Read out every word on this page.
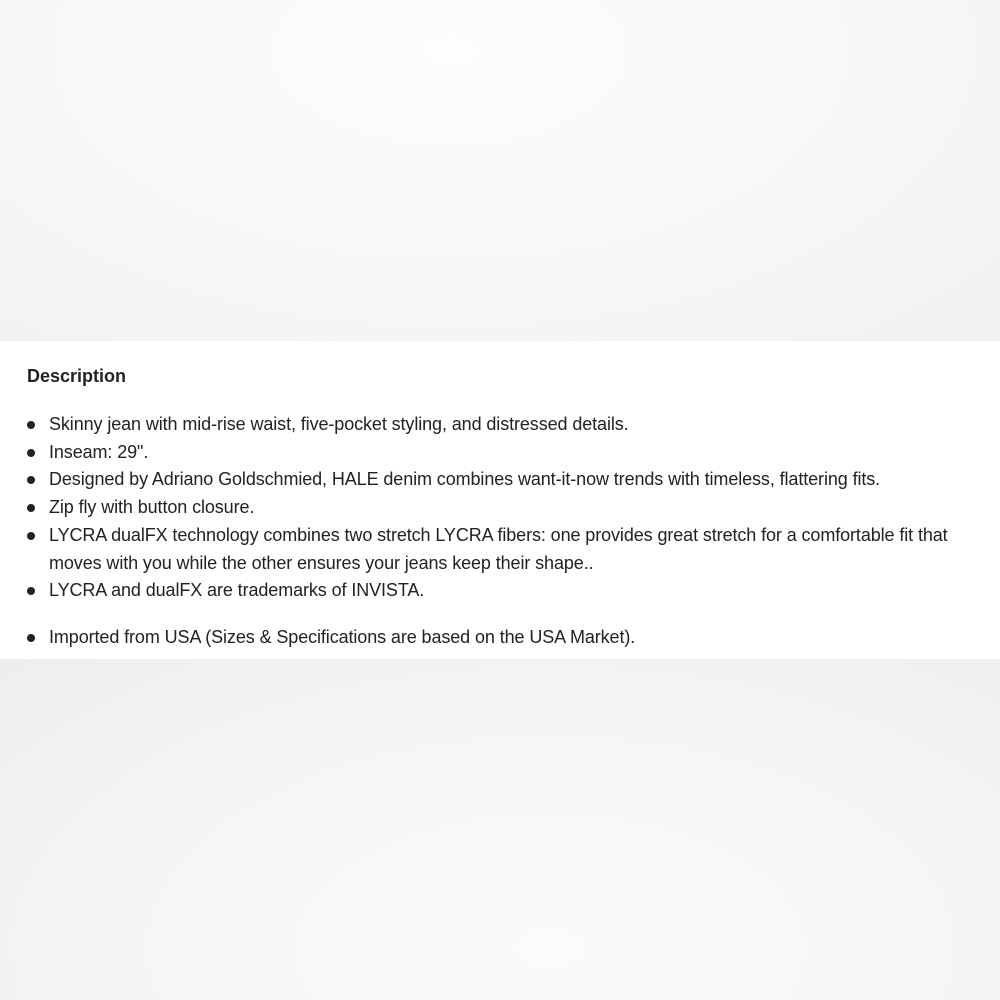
Description
Skinny jean with mid-rise waist, five-pocket styling, and distressed details.
Inseam: 29".
Designed by Adriano Goldschmied, HALE denim combines want-it-now trends with timeless, flattering fits.
Zip fly with button closure.
LYCRA dualFX technology combines two stretch LYCRA fibers: one provides great stretch for a comfortable fit that moves with you while the other ensures your jeans keep their shape..
LYCRA and dualFX are trademarks of INVISTA.
Imported from USA (Sizes & Specifications are based on the USA Market).
